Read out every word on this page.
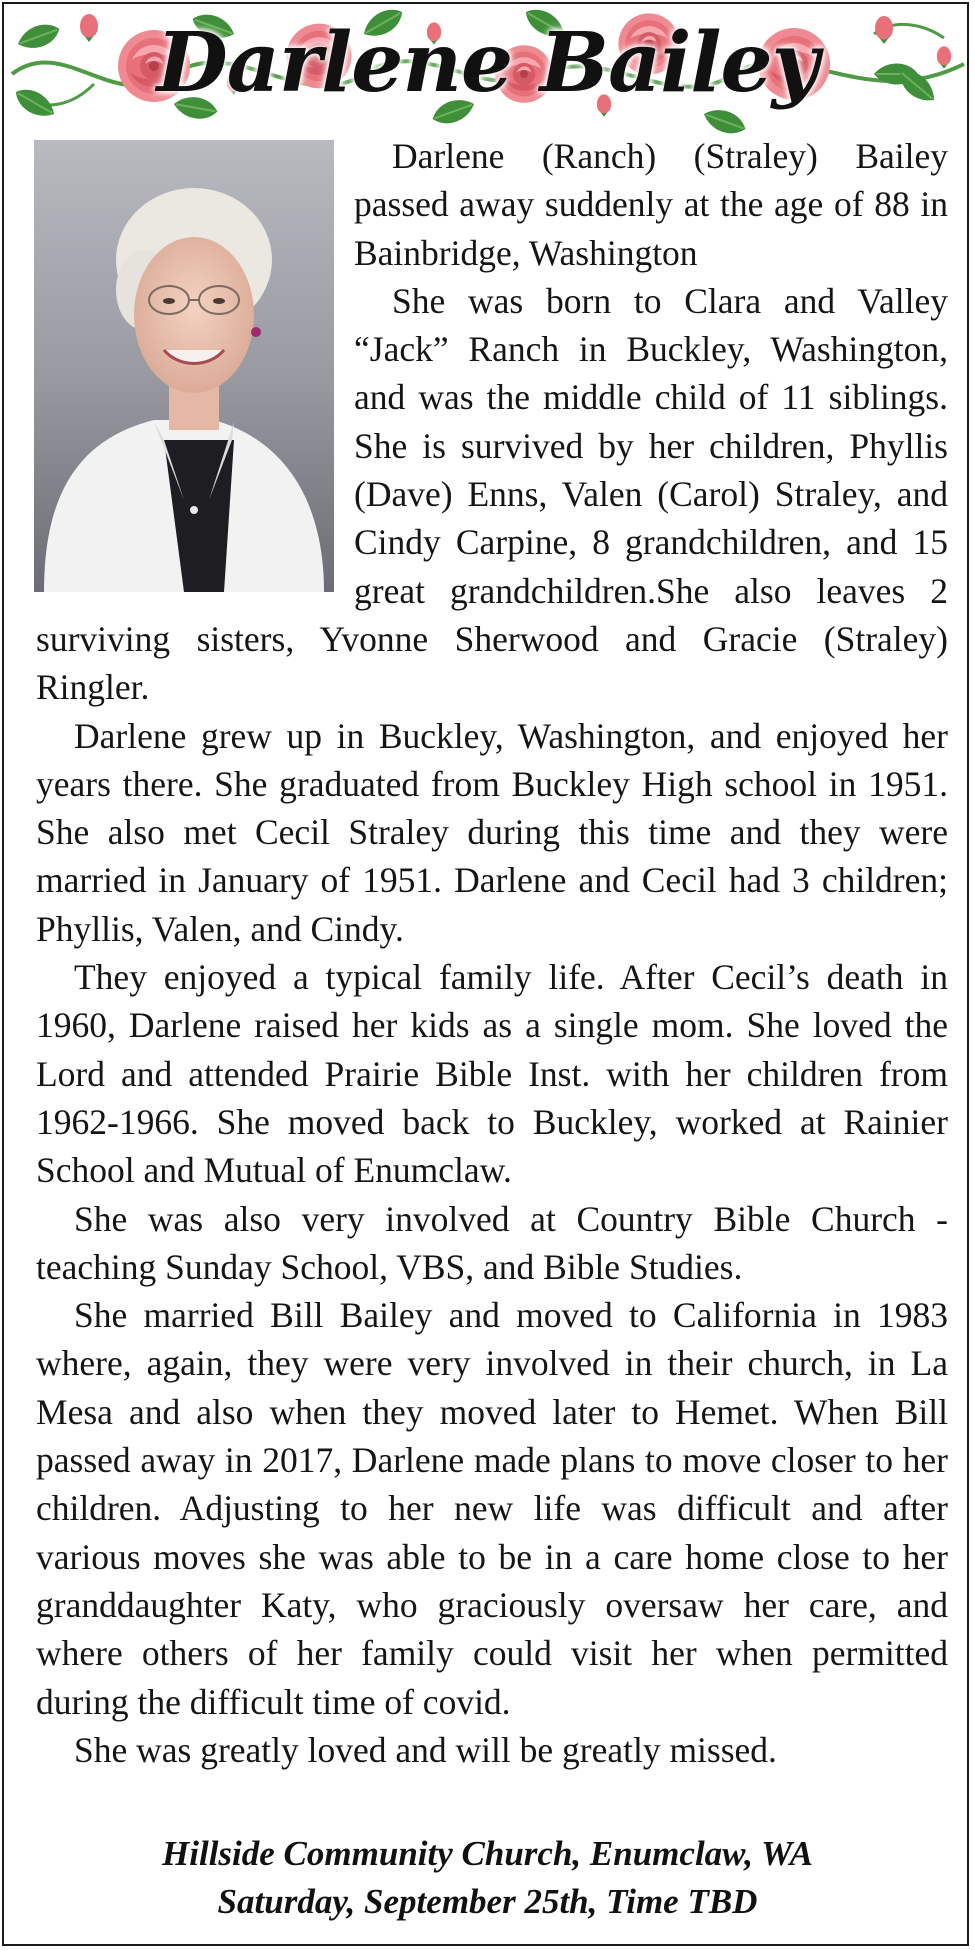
Darlene Bailey

Darlene (Ranch) (Straley) Bailey passed away suddenly at the age of 88 in Bainbridge, Washington

She was born to Clara and Valley “Jack” Ranch in Buckley, Washington, and was the middle child of 11 siblings. She is survived by her children, Phyllis (Dave) Enns, Valen (Carol) Straley, and Cindy Carpine, 8 grandchildren, and 15 great grandchildren.She also leaves 2 surviving sisters, Yvonne Sherwood and Gracie (Straley) Ringler.

Darlene grew up in Buckley, Washington, and enjoyed her years there. She graduated from Buckley High school in 1951. She also met Cecil Straley during this time and they were married in January of 1951. Darlene and Cecil had 3 children; Phyllis, Valen, and Cindy.

They enjoyed a typical family life. After Cecil’s death in 1960, Darlene raised her kids as a single mom. She loved the Lord and attended Prairie Bible Inst. with her children from 1962-1966. She moved back to Buckley, worked at Rainier School and Mutual of Enumclaw.

She was also very involved at Country Bible Church - teaching Sunday School, VBS, and Bible Studies.

She married Bill Bailey and moved to California in 1983 where, again, they were very involved in their church, in La Mesa and also when they moved later to Hemet. When Bill passed away in 2017, Darlene made plans to move closer to her children. Adjusting to her new life was difficult and after various moves she was able to be in a care home close to her granddaughter Katy, who graciously oversaw her care, and where others of her family could visit her when permitted during the difficult time of covid.

She was greatly loved and will be greatly missed.

Hillside Community Church, Enumclaw, WA
Saturday, September 25th, Time TBD
